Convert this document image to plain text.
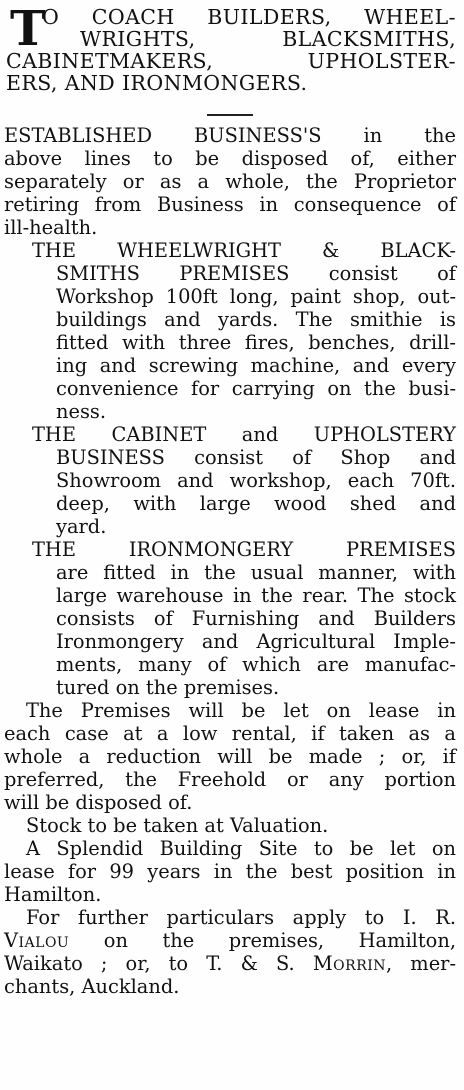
T
O COACH BUILDERS, WHEEL-
WRIGHTS, BLACKSMITHS,
CABINETMAKERS, UPHOLSTER-
ERS, AND IRONMONGERS.
ESTABLISHED BUSINESS'S in the
above lines to be disposed of, either
separately or as a whole, the Proprietor
retiring from Business in consequence of
ill-health.
THE WHEELWRIGHT & BLACK-
SMITHS PREMISES consist of
Workshop 100ft long, paint shop, out-
buildings and yards. The smithie is
fitted with three fires, benches, drill-
ing and screwing machine, and every
convenience for carrying on the busi-
ness.
THE CABINET and UPHOLSTERY
BUSINESS consist of Shop and
Showroom and workshop, each 70ft.
deep, with large wood shed and
yard.
THE IRONMONGERY PREMISES
are fitted in the usual manner, with
large warehouse in the rear. The stock
consists of Furnishing and Builders
Ironmongery and Agricultural Imple-
ments, many of which are manufac-
tured on the premises.
The Premises will be let on lease in
each case at a low rental, if taken as a
whole a reduction will be made ; or, if
preferred, the Freehold or any portion
will be disposed of.
Stock to be taken at Valuation.
A Splendid Building Site to be let on
lease for 99 years in the best position in
Hamilton.
For further particulars apply to I. R.
Vialou on the premises, Hamilton,
Waikato ; or, to T. & S. Morrin, mer-
chants, Auckland.
